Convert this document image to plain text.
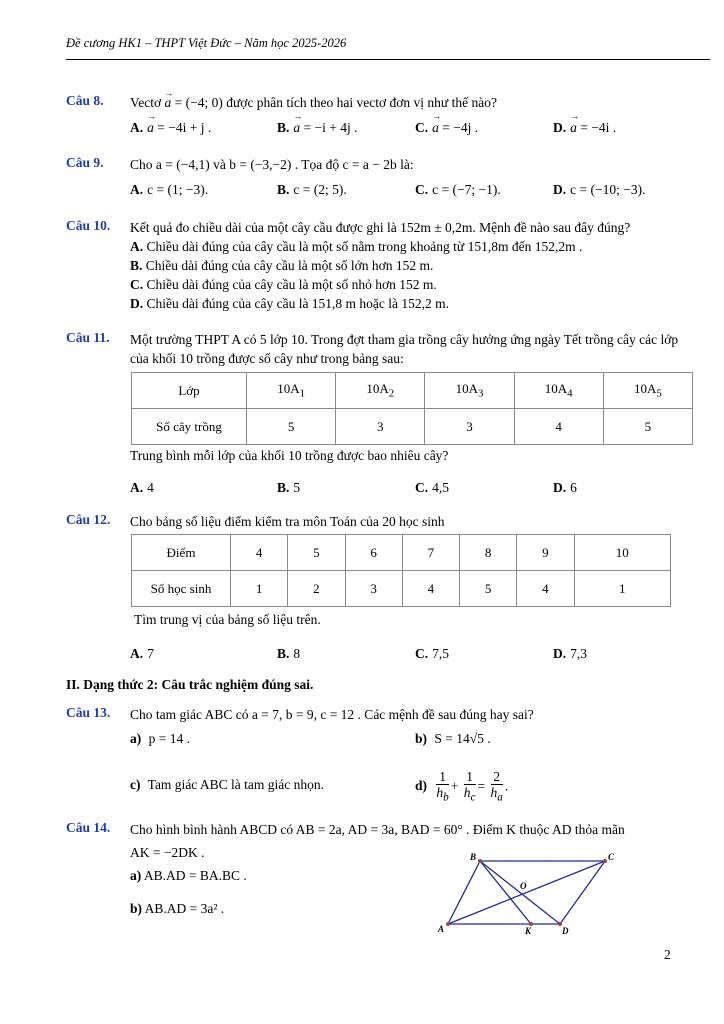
Đề cương HK1 – THPT Việt Đức – Năm học 2025-2026
Câu 8. Vectơ → a = (−4; 0) được phân tích theo hai vectơ đơn vị như thế nào?
A. → a = −4i + j .	B. → a = −i + 4j .	C. → a = −4j .	D. → a = −4i .
Câu 9. Cho a = (−4,1) và b = (−3,−2) . Tọa độ c = a − 2b là:
A. c = (1; −3).	B. c = (2; 5).	C. c = (−7; −1).	D. c = (−10; −3).
Câu 10. Kết quả đo chiều dài của một cây cầu được ghi là 152m ± 0,2m. Mệnh đề nào sau đây đúng?
A. Chiều dài đúng của cây cầu là một số nằm trong khoảng từ 151,8m đến 152,2m .
B. Chiều dài đúng của cây cầu là một số lớn hơn 152 m.
C. Chiều dài đúng của cây cầu là một số nhỏ hơn 152 m.
D. Chiều dài đúng của cây cầu là 151,8 m hoặc là 152,2 m.
Câu 11. Một trường THPT A có 5 lớp 10. Trong đợt tham gia trồng cây hưởng ứng ngày Tết trồng cây các lớp của khối 10 trồng được số cây như trong bảng sau:
Lớp	$10A_1$	$10A_2$	$10A_3$	$10A_4$	$10A_5$
Số cây trồng	5	3	3	4	5
Trung bình mỗi lớp của khối 10 trồng được bao nhiêu cây?
A. 4	B. 5	C. 4,5	D. 6
Câu 12. Cho bảng số liệu điểm kiểm tra môn Toán của 20 học sinh
Điểm	4	5	6	7	8	9	10
Số học sinh	1	2	3	4	5	4	1
Tìm trung vị của bảng số liệu trên.
A. 7	B. 8	C. 7,5	D. 7,3
II. Dạng thức 2: Câu trắc nghiệm đúng sai.
Câu 13. Cho tam giác ABC có a = 7, b = 9, c = 12 . Các mệnh đề sau đúng hay sai?
a) p = 14 .	b) S = 14√5 .
c) Tam giác ABC là tam giác nhọn.	$d) \frac{1}{h_b} + \frac{1}{h_c} = \frac{2}{h_a}$ .
Câu 14. Cho hình bình hành ABCD có AB = 2a, AD = 3a, BAD = 60° . Điểm K thuộc AD thỏa mãn
AK = −2DK .
a) AB.AD = BA.BC .
b) AB.AD = 3a² .
A
B	C
D
K
O
2
